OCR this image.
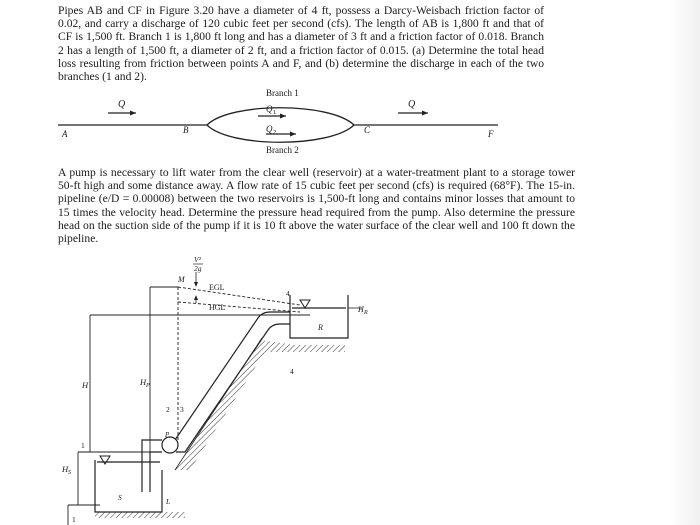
Pipes AB and CF in Figure 3.20 have a diameter of 4 ft, possess a Darcy-Weisbach friction factor of 0.02, and carry a discharge of 120 cubic feet per second (cfs). The length of AB is 1,800 ft and that of CF is 1,500 ft. Branch 1 is 1,800 ft long and has a diameter of 3 ft and a friction factor of 0.018. Branch 2 has a length of 1,500 ft, a diameter of 2 ft, and a friction factor of 0.015. (a) Determine the total head loss resulting from friction between points A and F, and (b) determine the discharge in each of the two branches (1 and 2).

Branch 1
Branch 2
Q	Q
Q 1
Q 2
A	B	C	F

A pump is necessary to lift water from the clear well (reservoir) at a water-treatment plant to a storage tower 50-ft high and some distance away. A flow rate of 15 cubic feet per second (cfs) is required (68°F). The 15-in. pipeline (e/D = 0.00008) between the two reservoirs is 1,500-ft long and contains minor losses that amount to 15 times the velocity head. Determine the pressure head required from the pump. Also determine the pressure head on the suction side of the pump if it is 10 ft above the water surface of the clear well and 100 ft down the pipeline.

V²
2g
M
EGL
HGL	H R
R
P
S	L
H	H P
H S
1
2 3
4
4
1
